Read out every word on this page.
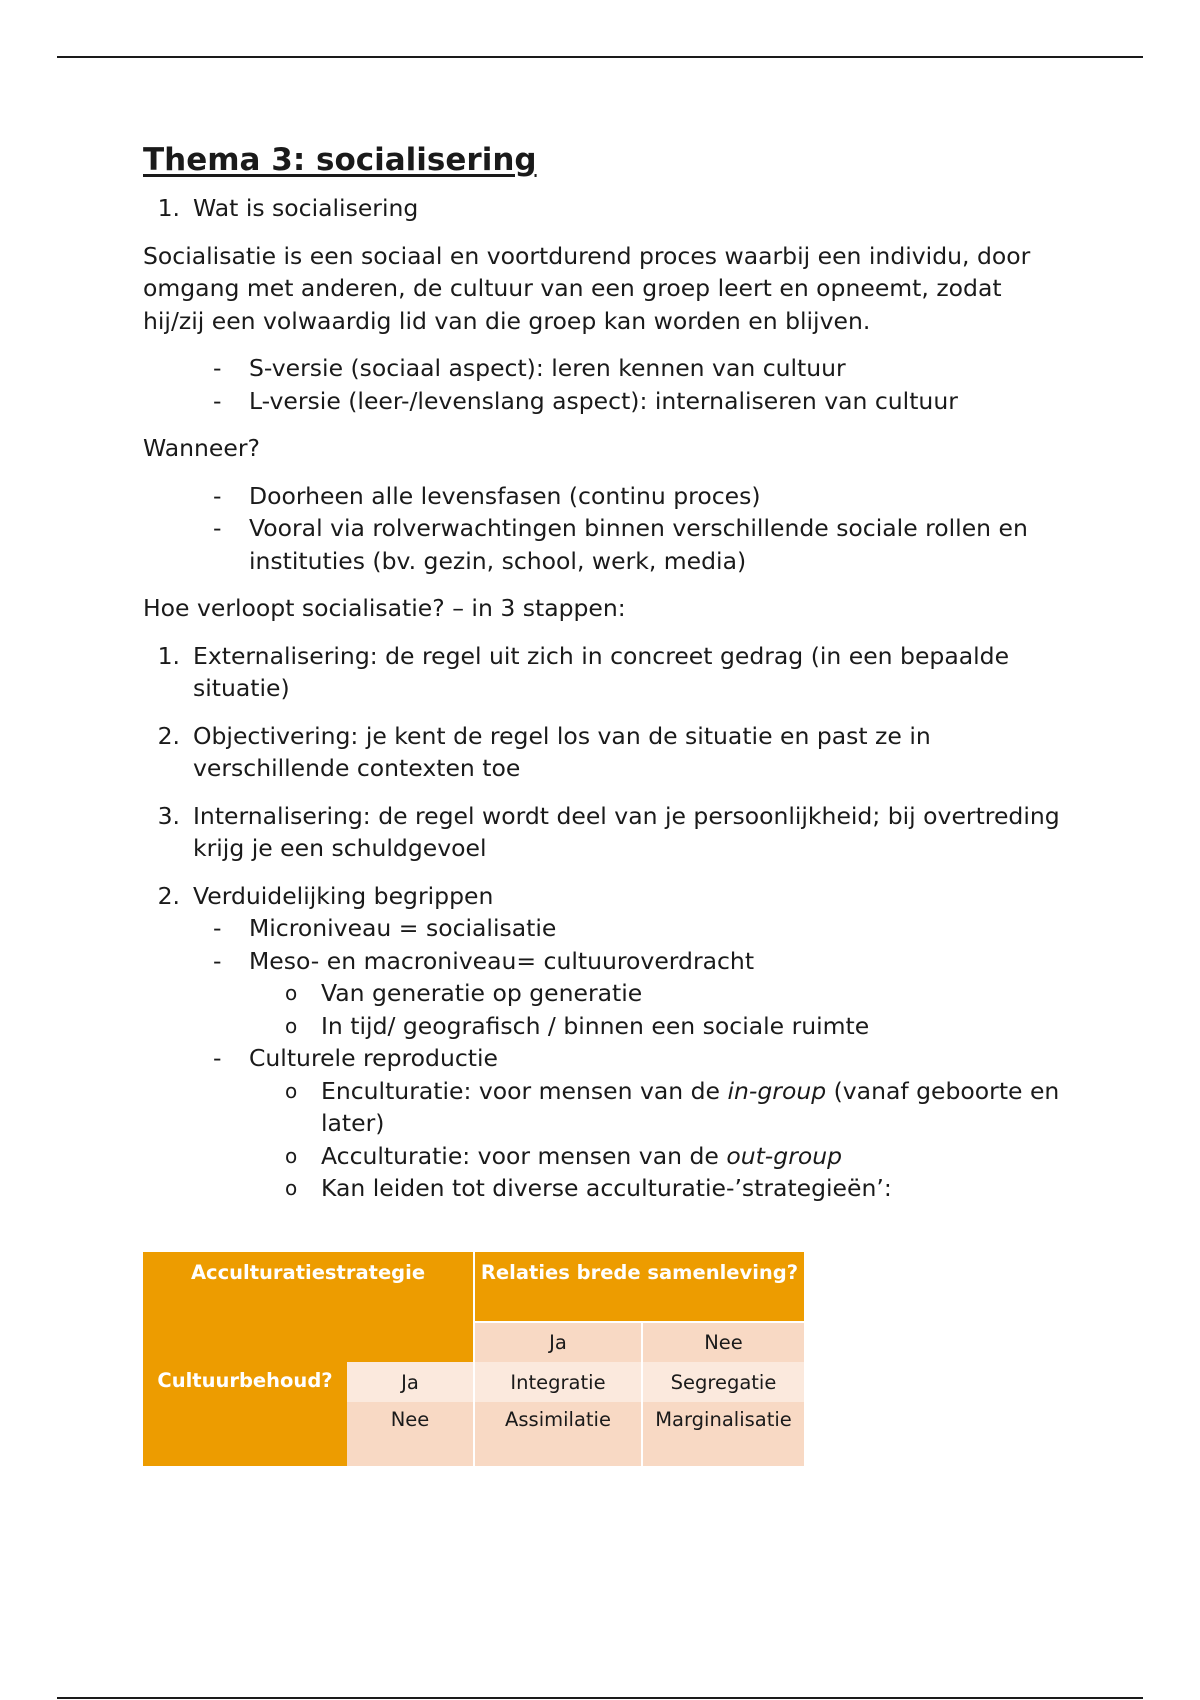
Thema 3: socialisering
1. Wat is socialisering

Socialisatie is een sociaal en voortdurend proces waarbij een individu, door omgang met anderen, de cultuur van een groep leert en opneemt, zodat hij/zij een volwaardig lid van die groep kan worden en blijven.

-	S-versie (sociaal aspect): leren kennen van cultuur
-	L-versie (leer-/levenslang aspect): internaliseren van cultuur

Wanneer?

-	Doorheen alle levensfasen (continu proces)
-	Vooral via rolverwachtingen binnen verschillende sociale rollen en instituties (bv. gezin, school, werk, media)

Hoe verloopt socialisatie? – in 3 stappen:

1. Externalisering: de regel uit zich in concreet gedrag (in een bepaalde situatie)
2. Objectivering: je kent de regel los van de situatie en past ze in verschillende contexten toe
3. Internalisering: de regel wordt deel van je persoonlijkheid; bij overtreding krijg je een schuldgevoel
2. Verduidelijking begrippen
-	Microniveau = socialisatie
-	Meso- en macroniveau= cultuuroverdracht
o	Van generatie op generatie
o	In tijd/ geografisch / binnen een sociale ruimte
-	Culturele reproductie
o	Enculturatie: voor mensen van de in-group (vanaf geboorte en later)
o	Acculturatie: voor mensen van de out-group
o	Kan leiden tot diverse acculturatie-’strategieën’:
Acculturatiestrategie		Relaties brede samenleving?	
		Ja	Nee
Cultuurbehoud?	Ja	Integratie	Segregatie
	Nee	Assimilatie	Marginalisatie
